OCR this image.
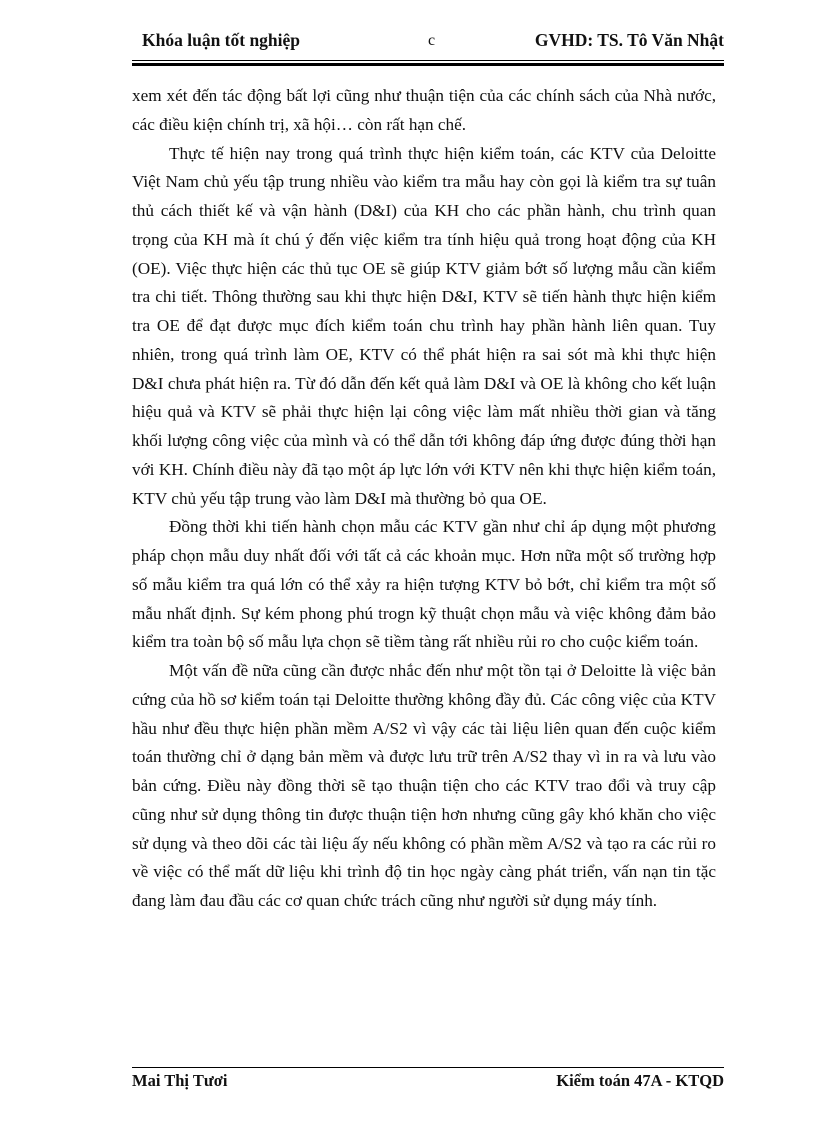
Khóa luận tốt nghiệp	c	GVHD: TS. Tô Văn Nhật

xem xét đến tác động bất lợi cũng như thuận tiện của các chính sách của Nhà nước, các điều kiện chính trị, xã hội… còn rất hạn chế.

Thực tế hiện nay trong quá trình thực hiện kiểm toán, các KTV của Deloitte Việt Nam chủ yếu tập trung nhiều vào kiểm tra mẫu hay còn gọi là kiểm tra sự tuân thủ cách thiết kế và vận hành (D&I) của KH cho các phần hành, chu trình quan trọng của KH mà ít chú ý đến việc kiểm tra tính hiệu quả trong hoạt động của KH (OE). Việc thực hiện các thủ tục OE sẽ giúp KTV giảm bớt số lượng mẫu cần kiểm tra chi tiết. Thông thường sau khi thực hiện D&I, KTV sẽ tiến hành thực hiện kiểm tra OE để đạt được mục đích kiểm toán chu trình hay phần hành liên quan. Tuy nhiên, trong quá trình làm OE, KTV có thể phát hiện ra sai sót mà khi thực hiện D&I chưa phát hiện ra. Từ đó dẫn đến kết quả làm D&I và OE là không cho kết luận hiệu quả và KTV sẽ phải thực hiện lại công việc làm mất nhiều thời gian và tăng khối lượng công việc của mình và có thể dẫn tới không đáp ứng được đúng thời hạn với KH. Chính điều này đã tạo một áp lực lớn với KTV nên khi thực hiện kiểm toán, KTV chủ yếu tập trung vào làm D&I mà thường bỏ qua OE.

Đồng thời khi tiến hành chọn mẫu các KTV gần như chỉ áp dụng một phương pháp chọn mẫu duy nhất đối với tất cả các khoản mục. Hơn nữa một số trường hợp số mẫu kiểm tra quá lớn có thể xảy ra hiện tượng KTV bỏ bớt, chỉ kiểm tra một số mẫu nhất định. Sự kém phong phú trogn kỹ thuật chọn mẫu và việc không đảm bảo kiểm tra toàn bộ số mẫu lựa chọn sẽ tiềm tàng rất nhiều rủi ro cho cuộc kiểm toán.

Một vấn đề nữa cũng cần được nhắc đến như một tồn tại ở Deloitte là việc bản cứng của hồ sơ kiểm toán tại Deloitte thường không đầy đủ. Các công việc của KTV hầu như đều thực hiện phần mềm A/S2 vì vậy các tài liệu liên quan đến cuộc kiểm toán thường chỉ ở dạng bản mềm và được lưu trữ trên A/S2 thay vì in ra và lưu vào bản cứng. Điều này đồng thời sẽ tạo thuận tiện cho các KTV trao đổi và truy cập cũng như sử dụng thông tin được thuận tiện hơn nhưng cũng gây khó khăn cho việc sử dụng và theo dõi các tài liệu ấy nếu không có phần mềm A/S2 và tạo ra các rủi ro về việc có thể mất dữ liệu khi trình độ tin học ngày càng phát triển, vấn nạn tin tặc đang làm đau đầu các cơ quan chức trách cũng như người sử dụng máy tính.

Mai Thị Tươi	Kiểm toán 47A - KTQD
